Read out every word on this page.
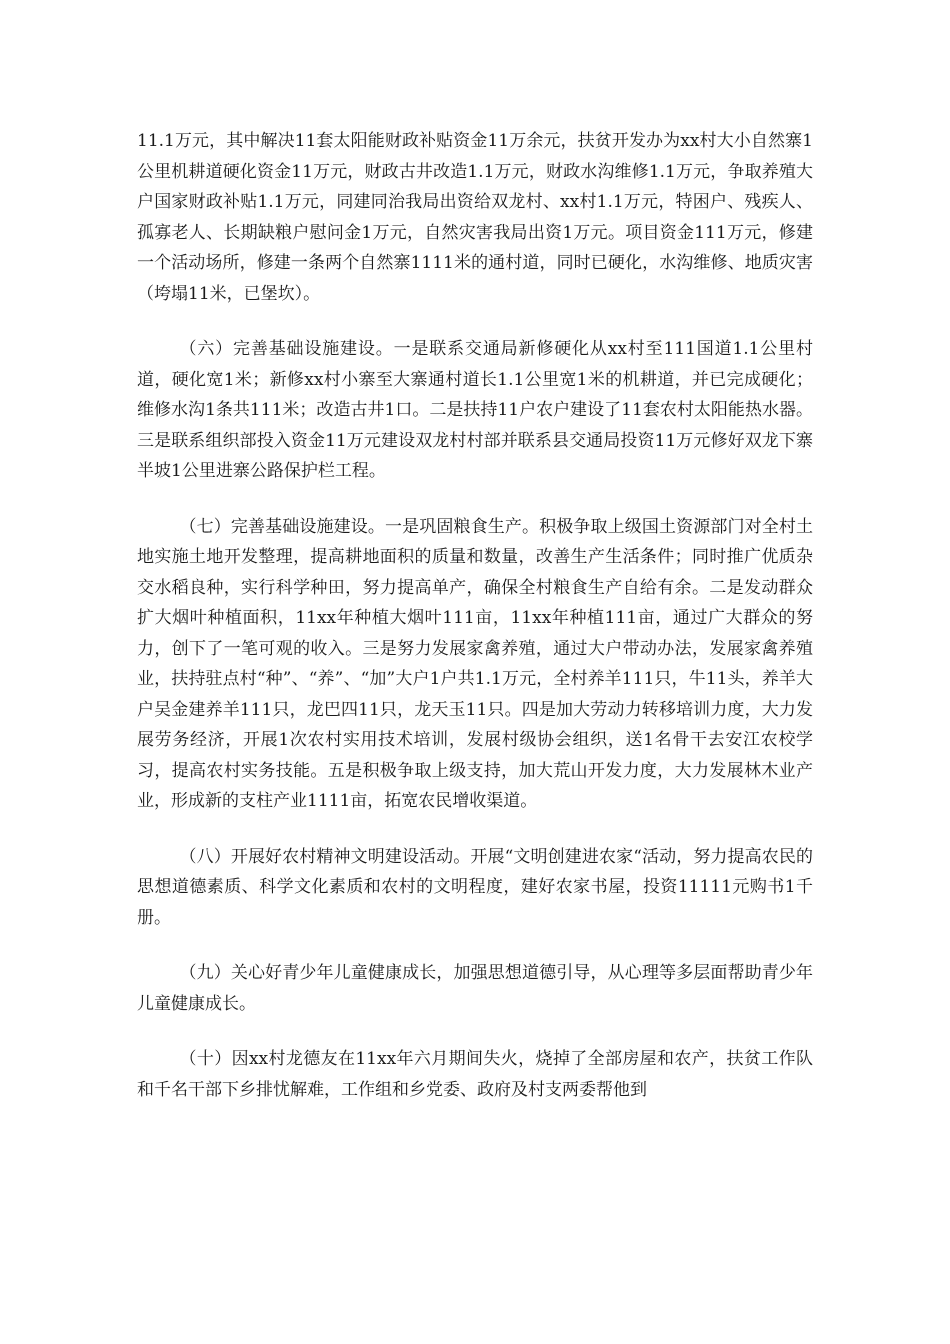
11.1万元，其中解决11套太阳能财政补贴资金11万余元，扶贫开发办为xx村大小自然寨1公里机耕道硬化资金11万元，财政古井改造1.1万元，财政水沟维修1.1万元，争取养殖大户国家财政补贴1.1万元，同建同治我局出资给双龙村、xx村1.1万元，特困户、残疾人、孤寡老人、长期缺粮户慰问金1万元，自然灾害我局出资1万元。项目资金111万元，修建一个活动场所，修建一条两个自然寨1111米的通村道，同时已硬化，水沟维修、地质灾害（垮塌11米，已堡坎）。

（六）完善基础设施建设。一是联系交通局新修硬化从xx村至111国道1.1公里村道，硬化宽1米；新修xx村小寨至大寨通村道长1.1公里宽1米的机耕道，并已完成硬化；维修水沟1条共111米；改造古井1口。二是扶持11户农户建设了11套农村太阳能热水器。三是联系组织部投入资金11万元建设双龙村村部并联系县交通局投资11万元修好双龙下寨半坡1公里进寨公路保护栏工程。

（七）完善基础设施建设。一是巩固粮食生产。积极争取上级国土资源部门对全村土地实施土地开发整理，提高耕地面积的质量和数量，改善生产生活条件；同时推广优质杂交水稻良种，实行科学种田，努力提高单产，确保全村粮食生产自给有余。二是发动群众扩大烟叶种植面积，11xx年种植大烟叶111亩，11xx年种植111亩，通过广大群众的努力，创下了一笔可观的收入。三是努力发展家禽养殖，通过大户带动办法，发展家禽养殖业，扶持驻点村“种”、“养”、“加”大户1户共1.1万元，全村养羊111只，牛11头，养羊大户吴金建养羊111只，龙巴四11只，龙天玉11只。四是加大劳动力转移培训力度，大力发展劳务经济，开展1次农村实用技术培训，发展村级协会组织，送1名骨干去安江农校学习，提高农村实务技能。五是积极争取上级支持，加大荒山开发力度，大力发展林木业产业，形成新的支柱产业1111亩，拓宽农民增收渠道。

（八）开展好农村精神文明建设活动。开展“文明创建进农家“活动，努力提高农民的思想道德素质、科学文化素质和农村的文明程度，建好农家书屋，投资11111元购书1千册。

（九）关心好青少年儿童健康成长，加强思想道德引导，从心理等多层面帮助青少年儿童健康成长。

（十）因xx村龙德友在11xx年六月期间失火，烧掉了全部房屋和农产，扶贫工作队和千名干部下乡排忧解难，工作组和乡党委、政府及村支两委帮他到
